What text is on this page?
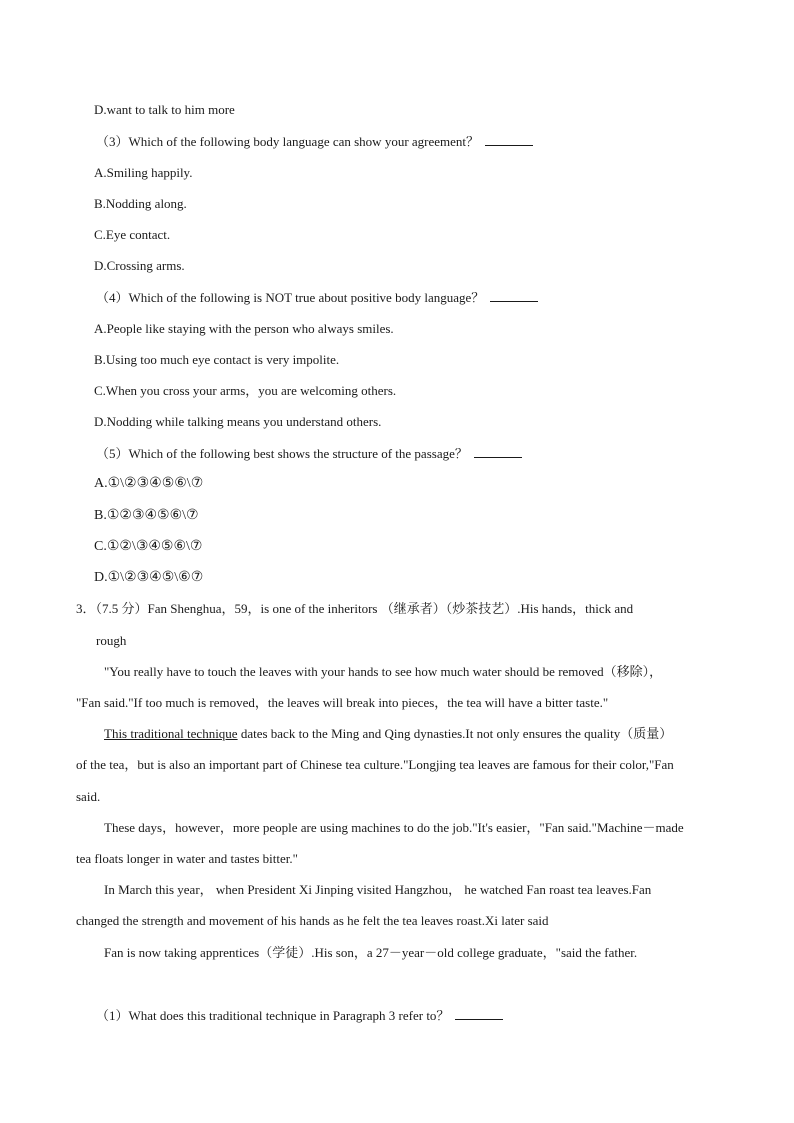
D.want to talk to him more
（3）Which of the following body language can show your agreement？
A.Smiling happily.
B.Nodding along.
C.Eye contact.
D.Crossing arms.
（4）Which of the following is NOT true about positive body language？
A.People like staying with the person who always smiles.
B.Using too much eye contact is very impolite.
C.When you cross your arms，you are welcoming others.
D.Nodding while talking means you understand others.
（5）Which of the following best shows the structure of the passage？
A.①\②③④⑤⑥\⑦
B.①②③④⑤⑥\⑦
C.①②\③④⑤⑥\⑦
D.①\②③④⑤\⑥⑦
3．（7.5 分）Fan Shenghua，59，is one of the inheritors （继承者）（炒茶技艺）.His hands，thick and
rough
"You really have to touch the leaves with your hands to see how much water should be removed（移除），
"Fan said."If too much is removed，the leaves will break into pieces，the tea will have a bitter taste."
This traditional technique dates back to the Ming and Qing dynasties.It not only ensures the quality（质量）
of the tea，but is also an important part of Chinese tea culture."Longjing tea leaves are famous for their color,"Fan
said.
These days，however，more people are using machines to do the job."It's easier，"Fan said."Machine－made
tea floats longer in water and tastes bitter."
In March this year， when President Xi Jinping visited Hangzhou， he watched Fan roast tea leaves.Fan
changed the strength and movement of his hands as he felt the tea leaves roast.Xi later said
Fan is now taking apprentices（学徒）.His son，a 27－year－old college graduate，"said the father.
（1）What does this traditional technique in Paragraph 3 refer to？
